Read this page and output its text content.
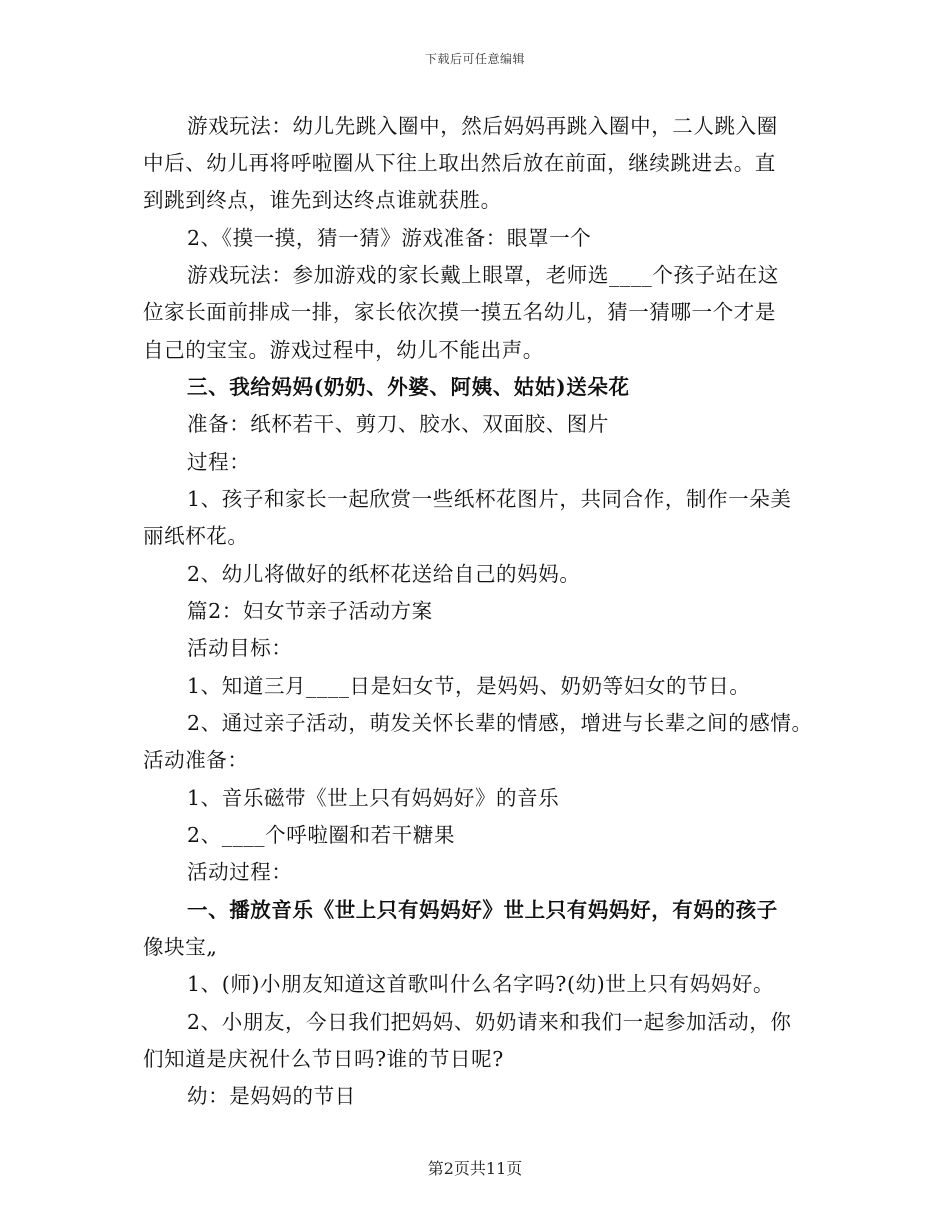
下载后可任意编辑
游戏玩法：幼儿先跳入圈中，然后妈妈再跳入圈中，二人跳入圈
中后、幼儿再将呼啦圈从下往上取出然后放在前面，继续跳进去。直
到跳到终点，谁先到达终点谁就获胜。
2、《摸一摸，猜一猜》游戏准备：眼罩一个
游戏玩法：参加游戏的家长戴上眼罩，老师选____个孩子站在这
位家长面前排成一排，家长依次摸一摸五名幼儿，猜一猜哪一个才是
自己的宝宝。游戏过程中，幼儿不能出声。
三、我给妈妈(奶奶、外婆、阿姨、姑姑)送朵花
准备：纸杯若干、剪刀、胶水、双面胶、图片
过程：
1、孩子和家长一起欣赏一些纸杯花图片，共同合作，制作一朵美
丽纸杯花。
2、幼儿将做好的纸杯花送给自己的妈妈。
篇2：妇女节亲子活动方案
活动目标：
1、知道三月____日是妇女节，是妈妈、奶奶等妇女的节日。
2、通过亲子活动，萌发关怀长辈的情感，增进与长辈之间的感情。
活动准备：
1、音乐磁带《世上只有妈妈好》的音乐
2、____个呼啦圈和若干糖果
活动过程：
一、播放音乐《世上只有妈妈好》世上只有妈妈好，有妈的孩子
像块宝„
1、(师)小朋友知道这首歌叫什么名字吗?(幼)世上只有妈妈好。
2、小朋友，今日我们把妈妈、奶奶请来和我们一起参加活动，你
们知道是庆祝什么节日吗?谁的节日呢?
幼：是妈妈的节日
第2页共11页
